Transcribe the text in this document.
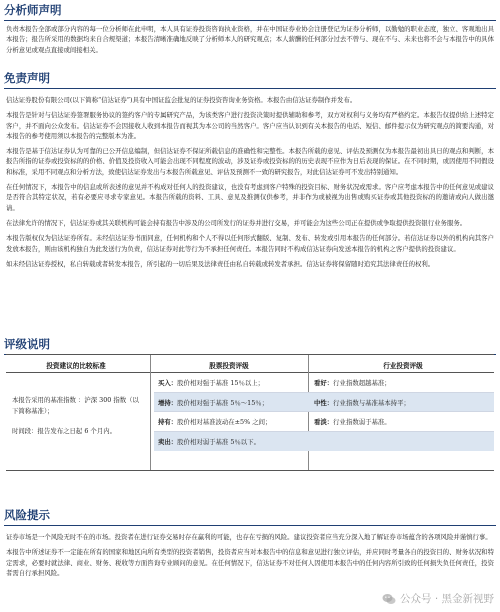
分析师声明

负责本报告全部或部分内容的每一位分析师在此申明，本人具有证券投资咨询执业资格，并在中国证券业协会注册登记为证券分析师，以勤勉的职业态度，独立、客观地出具本报告；报告所采用的数据均来自合规渠道；本报告清晰准确地反映了分析师本人的研究观点；本人薪酬的任何部分过去不曾与、现在不与、未来也将不会与本报告中的具体分析意见或观点直接或间接相关。

免责声明

信达证券股份有限公司(以下简称“信达证券”)具有中国证监会批复的证券投资咨询业务资格。本报告由信达证券制作并发布。

本报告是针对与信达证券签署服务协议的签约客户的专属研究产品，为该类客户进行投资决策时提供辅助和参考，双方对权利与义务均有严格约定。本报告仅提供给上述特定客户，并不面向公众发布。信达证券不会因接收人收到本报告而视其为本公司的当然客户。客户应当认识到有关本报告的电话、短信、邮件提示仅为研究观点的简要沟通，对本报告的参考使用须以本报告的完整版本为准。

本报告是基于信达证券认为可靠的已公开信息编制，但信达证券不保证所载信息的准确性和完整性。本报告所载的意见、评估及预测仅为本报告最初出具日的观点和判断，本报告所指的证券或投资标的的价格、价值及投资收入可能会出现不同程度的波动，涉及证券或投资标的的历史表现不应作为日后表现的保证。在不同时期，或因使用不同假设和标准，采用不同观点和分析方法，致使信达证券发出与本报告所载意见、评估及预测不一致的研究报告，对此信达证券可不发出特别通知。

在任何情况下，本报告中的信息或所表述的意见并不构成对任何人的投资建议，也没有考虑到客户特殊的投资目标、财务状况或需求。客户应考虑本报告中的任何意见或建议是否符合其特定状况，若有必要应寻求专家意见。本报告所载的资料、工具、意见及推测仅供参考，并非作为或被视为出售或购买证券或其他投资标的的邀请或向人做出邀请。

在法律允许的情况下，信达证券或其关联机构可能会持有报告中涉及的公司所发行的证券并进行交易，并可能会为这些公司正在提供或争取提供投资银行业务服务。

本报告版权仅为信达证券所有。未经信达证券书面同意，任何机构和个人不得以任何形式翻版、复制、发布、转发或引用本报告的任何部分。若信达证券以外的机构向其客户发放本报告，则由该机构独自为此发送行为负责，信达证券对此等行为不承担任何责任。本报告同时不构成信达证券向发送本报告的机构之客户提供的投资建议。

如未经信达证券授权，私自转载或者转发本报告，所引起的一切后果及法律责任由私自转载或转发者承担。信达证券将保留随时追究其法律责任的权利。

评级说明
投资建议的比较标准	股票投资评级	行业投资评级
本报告采用的基准指数 ：沪深 300 指数（以下简称基准）；
时间段：报告发布之日起 6 个月内。
买入：股价相对强于基准 15％以上；	看好：行业指数超越基准；
增持：股价相对强于基准 5％～15％；	中性：行业指数与基准基本持平；
持有：股价相对基准波动在±5% 之间；	看淡：行业指数弱于基准。
卖出：股价相对弱于基准 5％以下。
风险提示

证券市场是一个风险无时不在的市场。投资者在进行证券交易时存在赢利的可能，也存在亏损的风险。建议投资者应当充分深入地了解证券市场蕴含的各项风险并谨慎行事。

本报告中所述证券不一定能在所有的国家和地区向所有类型的投资者销售，投资者应当对本报告中的信息和意见进行独立评估，并应同时考量各自的投资目的、财务状况和特定需求，必要时就法律、商业、财务、税收等方面咨询专业顾问的意见。在任何情况下，信达证券不对任何人因使用本报告中的任何内容所引致的任何损失负任何责任，投资者需自行承担风险。

公众号 · 黑金新视野
